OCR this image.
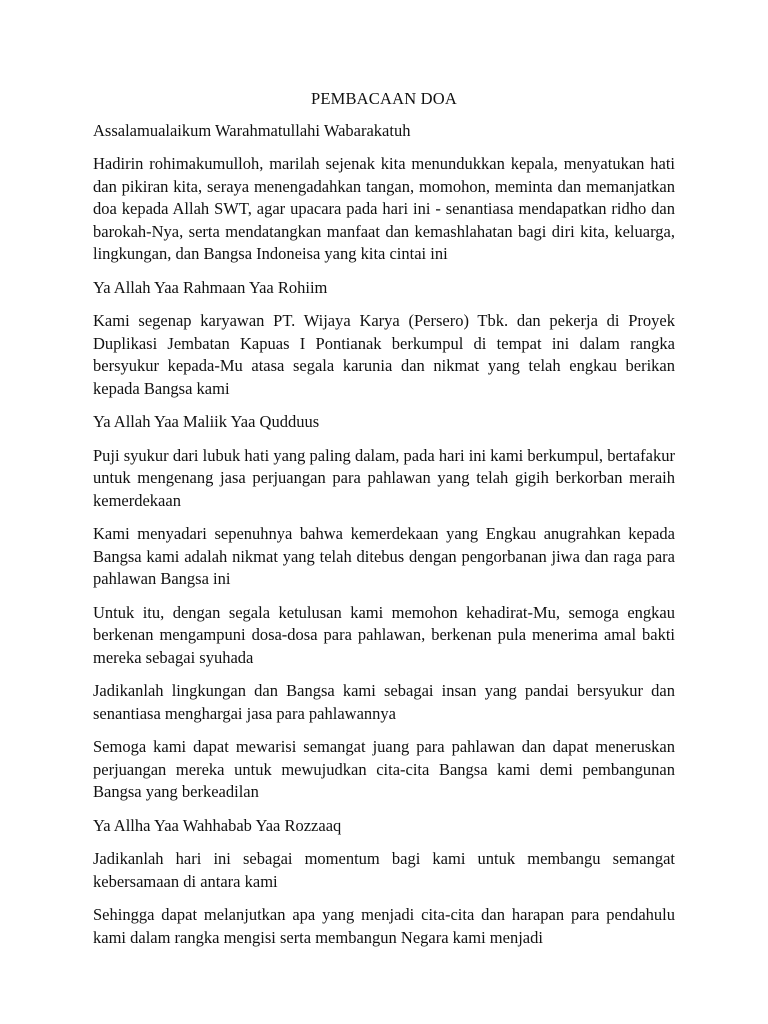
PEMBACAAN DOA

Assalamualaikum Warahmatullahi Wabarakatuh

Hadirin rohimakumulloh, marilah sejenak kita menundukkan kepala, menyatukan hati dan pikiran kita, seraya menengadahkan tangan, momohon, meminta dan memanjatkan doa kepada Allah SWT, agar upacara pada hari ini - senantiasa mendapatkan ridho dan barokah-Nya, serta mendatangkan manfaat dan kemashlahatan bagi diri kita, keluarga, lingkungan, dan Bangsa Indoneisa yang kita cintai ini

Ya Allah Yaa Rahmaan Yaa Rohiim

Kami segenap karyawan PT. Wijaya Karya (Persero) Tbk. dan pekerja di Proyek Duplikasi Jembatan Kapuas I Pontianak berkumpul di tempat ini dalam rangka bersyukur kepada-Mu atasa segala karunia dan nikmat yang telah engkau berikan kepada Bangsa kami

Ya Allah Yaa Maliik Yaa Qudduus

Puji syukur dari lubuk hati yang paling dalam, pada hari ini kami berkumpul, bertafakur untuk mengenang jasa perjuangan para pahlawan yang telah gigih berkorban meraih kemerdekaan

Kami menyadari sepenuhnya bahwa kemerdekaan yang Engkau anugrahkan kepada Bangsa kami adalah nikmat yang telah ditebus dengan pengorbanan jiwa dan raga para pahlawan Bangsa ini

Untuk itu, dengan segala ketulusan kami memohon kehadirat-Mu, semoga engkau berkenan mengampuni dosa-dosa para pahlawan, berkenan pula menerima amal bakti mereka sebagai syuhada

Jadikanlah lingkungan dan Bangsa kami sebagai insan yang pandai bersyukur dan senantiasa menghargai jasa para pahlawannya

Semoga kami dapat mewarisi semangat juang para pahlawan dan dapat meneruskan perjuangan mereka untuk mewujudkan cita-cita Bangsa kami demi pembangunan Bangsa yang berkeadilan

Ya Allha Yaa Wahhabab Yaa Rozzaaq

Jadikanlah hari ini sebagai momentum bagi kami untuk membangu semangat kebersamaan di antara kami

Sehingga dapat melanjutkan apa yang menjadi cita-cita dan harapan para pendahulu kami dalam rangka mengisi serta membangun Negara kami menjadi
